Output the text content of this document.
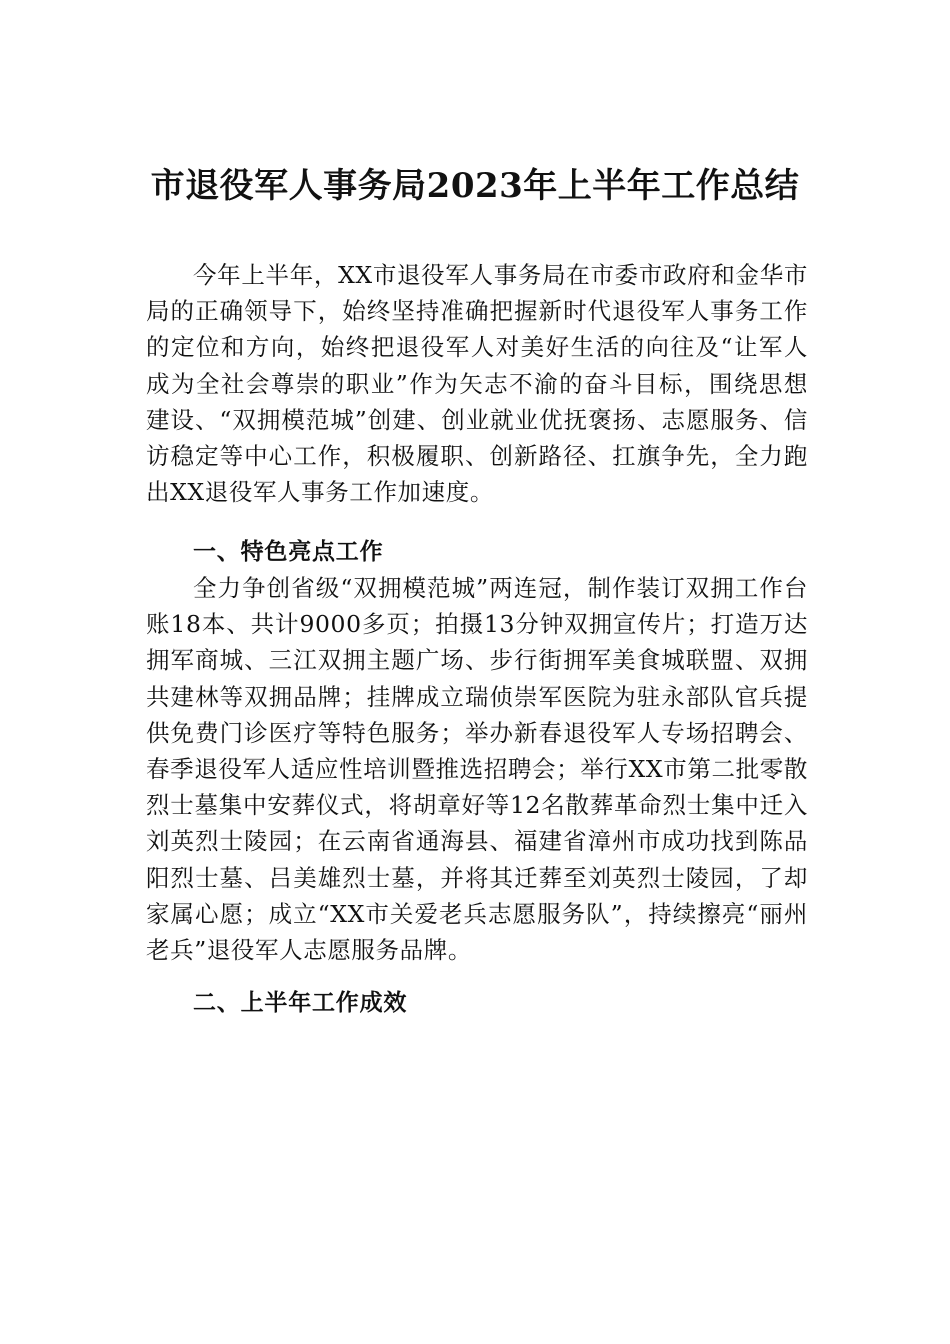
市退役军人事务局2023年上半年工作总结

今年上半年，XX市退役军人事务局在市委市政府和金华市局的正确领导下，始终坚持准确把握新时代退役军人事务工作的定位和方向，始终把退役军人对美好生活的向往及“让军人成为全社会尊崇的职业”作为矢志不渝的奋斗目标，围绕思想建设、“双拥模范城”创建、创业就业优抚褒扬、志愿服务、信访稳定等中心工作，积极履职、创新路径、扛旗争先，全力跑出XX退役军人事务工作加速度。

一、特色亮点工作

全力争创省级“双拥模范城”两连冠，制作装订双拥工作台账18本、共计9000多页；拍摄13分钟双拥宣传片；打造万达拥军商城、三江双拥主题广场、步行街拥军美食城联盟、双拥共建林等双拥品牌；挂牌成立瑞侦崇军医院为驻永部队官兵提供免费门诊医疗等特色服务；举办新春退役军人专场招聘会、春季退役军人适应性培训暨推选招聘会；举行XX市第二批零散烈士墓集中安葬仪式，将胡章好等12名散葬革命烈士集中迁入刘英烈士陵园；在云南省通海县、福建省漳州市成功找到陈品阳烈士墓、吕美雄烈士墓，并将其迁葬至刘英烈士陵园，了却家属心愿；成立“XX市关爱老兵志愿服务队”，持续擦亮“丽州老兵”退役军人志愿服务品牌。

二、上半年工作成效
